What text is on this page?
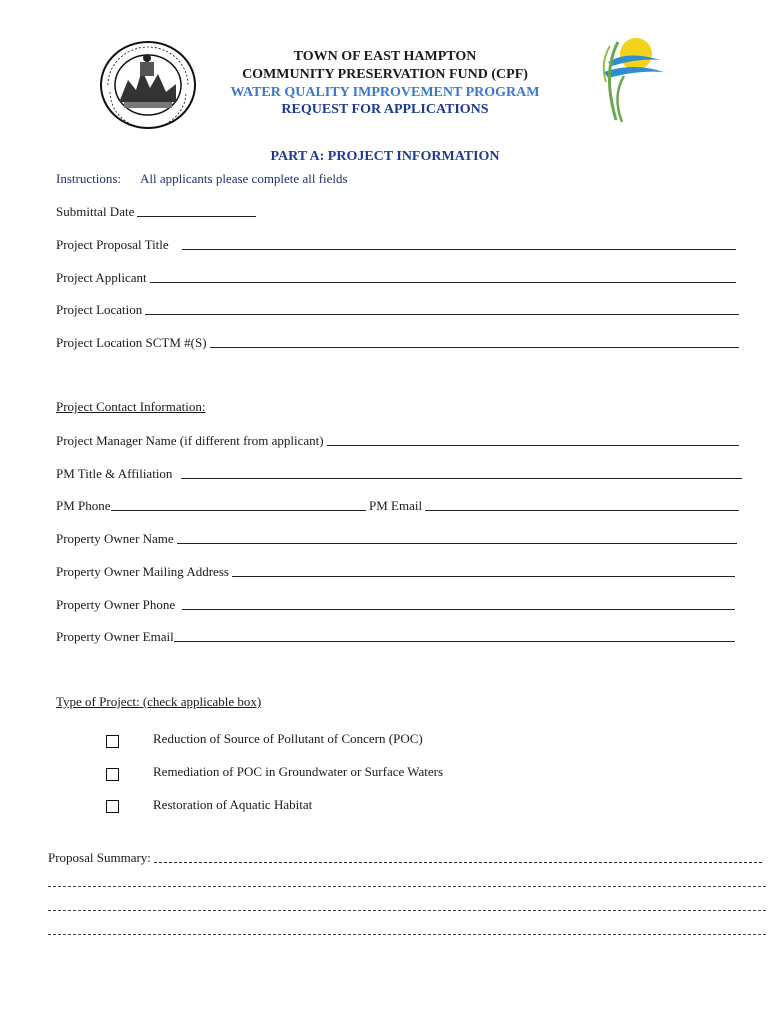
TOWN OF EAST HAMPTON
COMMUNITY PRESERVATION FUND (CPF)
WATER QUALITY IMPROVEMENT PROGRAM
REQUEST FOR APPLICATIONS
PART A: PROJECT INFORMATION
Instructions: All applicants please complete all fields
Submittal Date
Project Proposal Title
Project Applicant
Project Location
Project Location SCTM #(S)
Project Contact Information:
Project Manager Name (if different from applicant)
PM Title & Affiliation
PM Phone	PM Email
Property Owner Name
Property Owner Mailing Address
Property Owner Phone
Property Owner Email
Type of Project: (check applicable box)
Reduction of Source of Pollutant of Concern (POC)
Remediation of POC in Groundwater or Surface Waters
Restoration of Aquatic Habitat
Proposal Summary:
